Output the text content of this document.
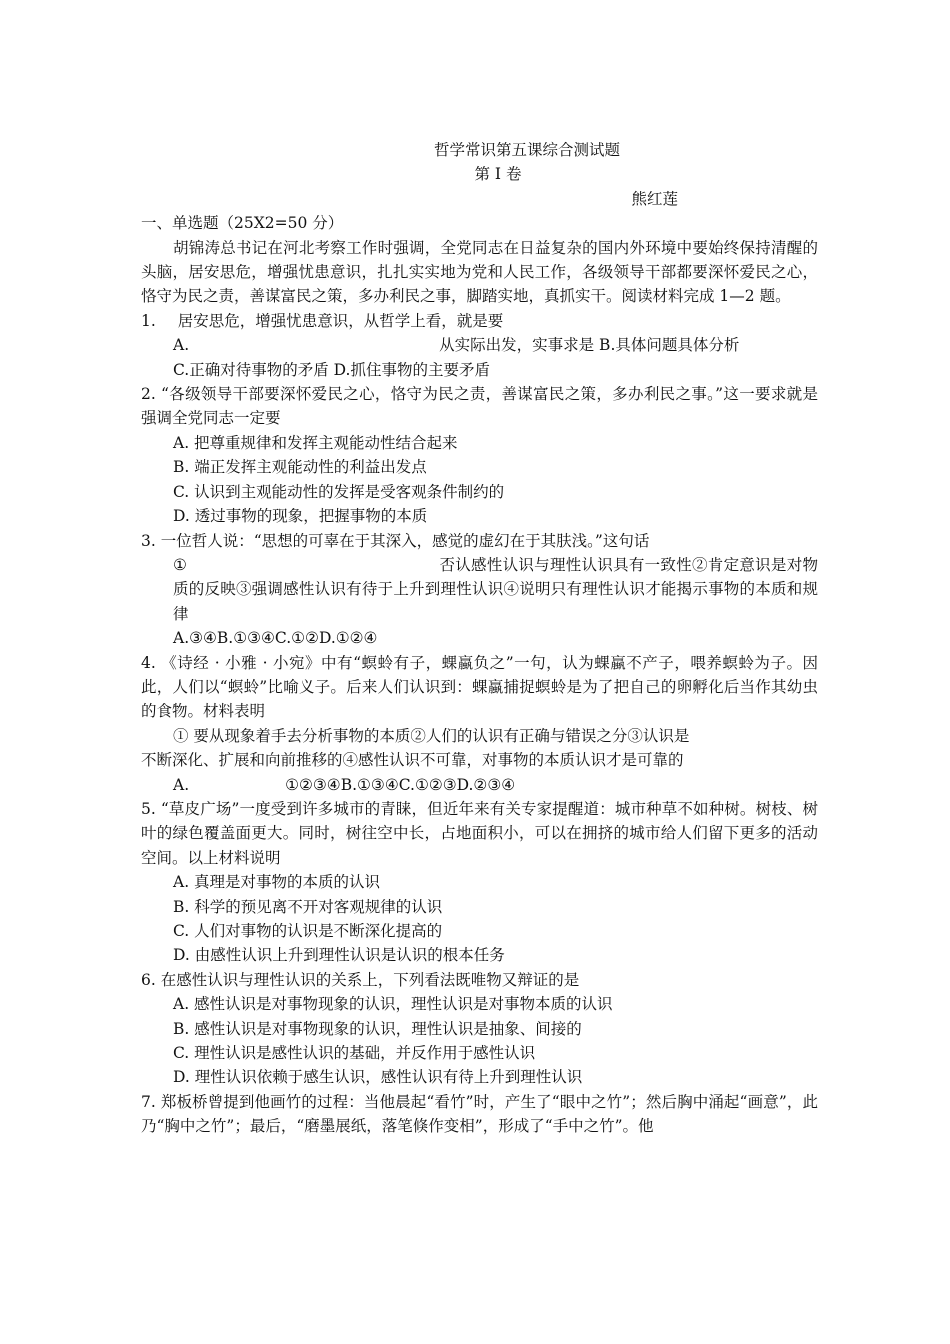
哲学常识第五课综合测试题
第 I 卷
熊红莲
一、单选题（25X2=50 分）
胡锦涛总书记在河北考察工作时强调，全党同志在日益复杂的国内外环境中要始终保持清醒的头脑，居安思危，增强忧患意识，扎扎实实地为党和人民工作，各级领导干部都要深怀爱民之心，恪守为民之责，善谋富民之策，多办利民之事，脚踏实地，真抓实干。阅读材料完成 1—2 题。
1. 居安思危，增强忧患意识，从哲学上看，就是要
A.	从实际出发，实事求是 B.具体问题具体分析
C.正确对待事物的矛盾 D.抓住事物的主要矛盾
2. “各级领导干部要深怀爱民之心，恪守为民之责，善谋富民之策，多办利民之事。”这一要求就是强调全党同志一定要
A. 把尊重规律和发挥主观能动性结合起来
B. 端正发挥主观能动性的利益出发点
C. 认识到主观能动性的发挥是受客观条件制约的
D. 透过事物的现象，把握事物的本质
3. 一位哲人说：“思想的可辜在于其深入，感觉的虚幻在于其肤浅。”这句话
①	否认感性认识与理性认识具有一致性②肯定意识是对物质的反映③强调感性认识有待于上升到理性认识④说明只有理性认识才能揭示事物的本质和规律
A.③④B.①③④C.①②D.①②④
4. 《诗经 · 小雅 · 小宛》中有“螟蛉有子，蜾蠃负之”一句，认为蜾蠃不产子，喂养螟蛉为子。因此，人们以“螟蛉”比喻义子。后来人们认识到：蜾蠃捕捉螟蛉是为了把自己的卵孵化后当作其幼虫的食物。材料表明
① 要从现象着手去分析事物的本质②人们的认识有正确与错误之分③认识是
不断深化、扩展和向前推移的④感性认识不可靠，对事物的本质认识才是可靠的
A.	①②③④B.①③④C.①②③D.②③④
5. “草皮广场”一度受到许多城市的青睐，但近年来有关专家提醒道：城市种草不如种树。树枝、树叶的绿色覆盖面更大。同时，树往空中长，占地面积小，可以在拥挤的城市给人们留下更多的活动空间。以上材料说明
A. 真理是对事物的本质的认识
B. 科学的预见离不开对客观规律的认识
C. 人们对事物的认识是不断深化提高的
D. 由感性认识上升到理性认识是认识的根本任务
6. 在感性认识与理性认识的关系上，下列看法既唯物又辩证的是
A. 感性认识是对事物现象的认识，理性认识是对事物本质的认识
B. 感性认识是对事物现象的认识，理性认识是抽象、间接的
C. 理性认识是感性认识的基础，并反作用于感性认识
D. 理性认识依赖于感生认识，感性认识有待上升到理性认识
7. 郑板桥曾提到他画竹的过程：当他晨起“看竹”时，产生了“眼中之竹”；然后胸中涌起“画意”，此乃“胸中之竹”；最后，“磨墨展纸，落笔倏作变相”，形成了“手中之竹”。他
